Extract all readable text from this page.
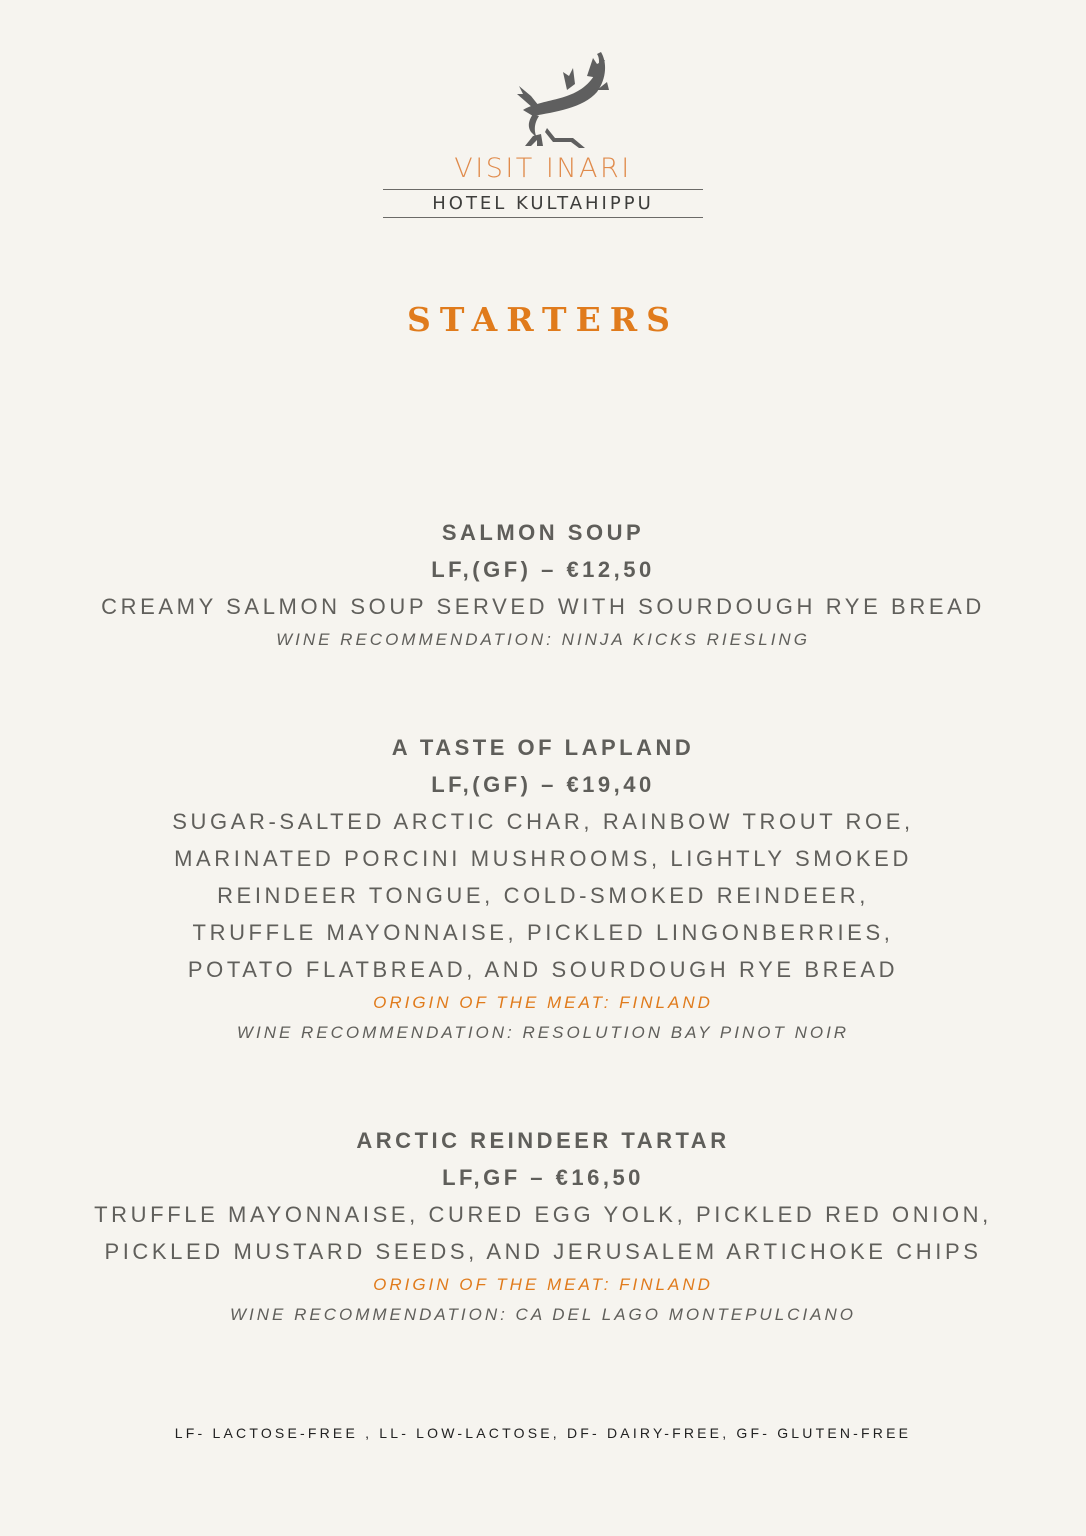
VISIT INARI
HOTEL KULTAHIPPU
STARTERS
SALMON SOUP
LF,(GF) – €12,50
CREAMY SALMON SOUP SERVED WITH SOURDOUGH RYE BREAD
WINE RECOMMENDATION: NINJA KICKS RIESLING
A TASTE OF LAPLAND
LF,(GF) – €19,40
SUGAR-SALTED ARCTIC CHAR, RAINBOW TROUT ROE,
MARINATED PORCINI MUSHROOMS, LIGHTLY SMOKED
REINDEER TONGUE, COLD-SMOKED REINDEER,
TRUFFLE MAYONNAISE, PICKLED LINGONBERRIES,
POTATO FLATBREAD, AND SOURDOUGH RYE BREAD
ORIGIN OF THE MEAT: FINLAND
WINE RECOMMENDATION: RESOLUTION BAY PINOT NOIR
ARCTIC REINDEER TARTAR
LF,GF – €16,50
TRUFFLE MAYONNAISE, CURED EGG YOLK, PICKLED RED ONION,
PICKLED MUSTARD SEEDS, AND JERUSALEM ARTICHOKE CHIPS
ORIGIN OF THE MEAT: FINLAND
WINE RECOMMENDATION: CA DEL LAGO MONTEPULCIANO
LF- LACTOSE-FREE , LL- LOW-LACTOSE, DF- DAIRY-FREE, GF- GLUTEN-FREE
